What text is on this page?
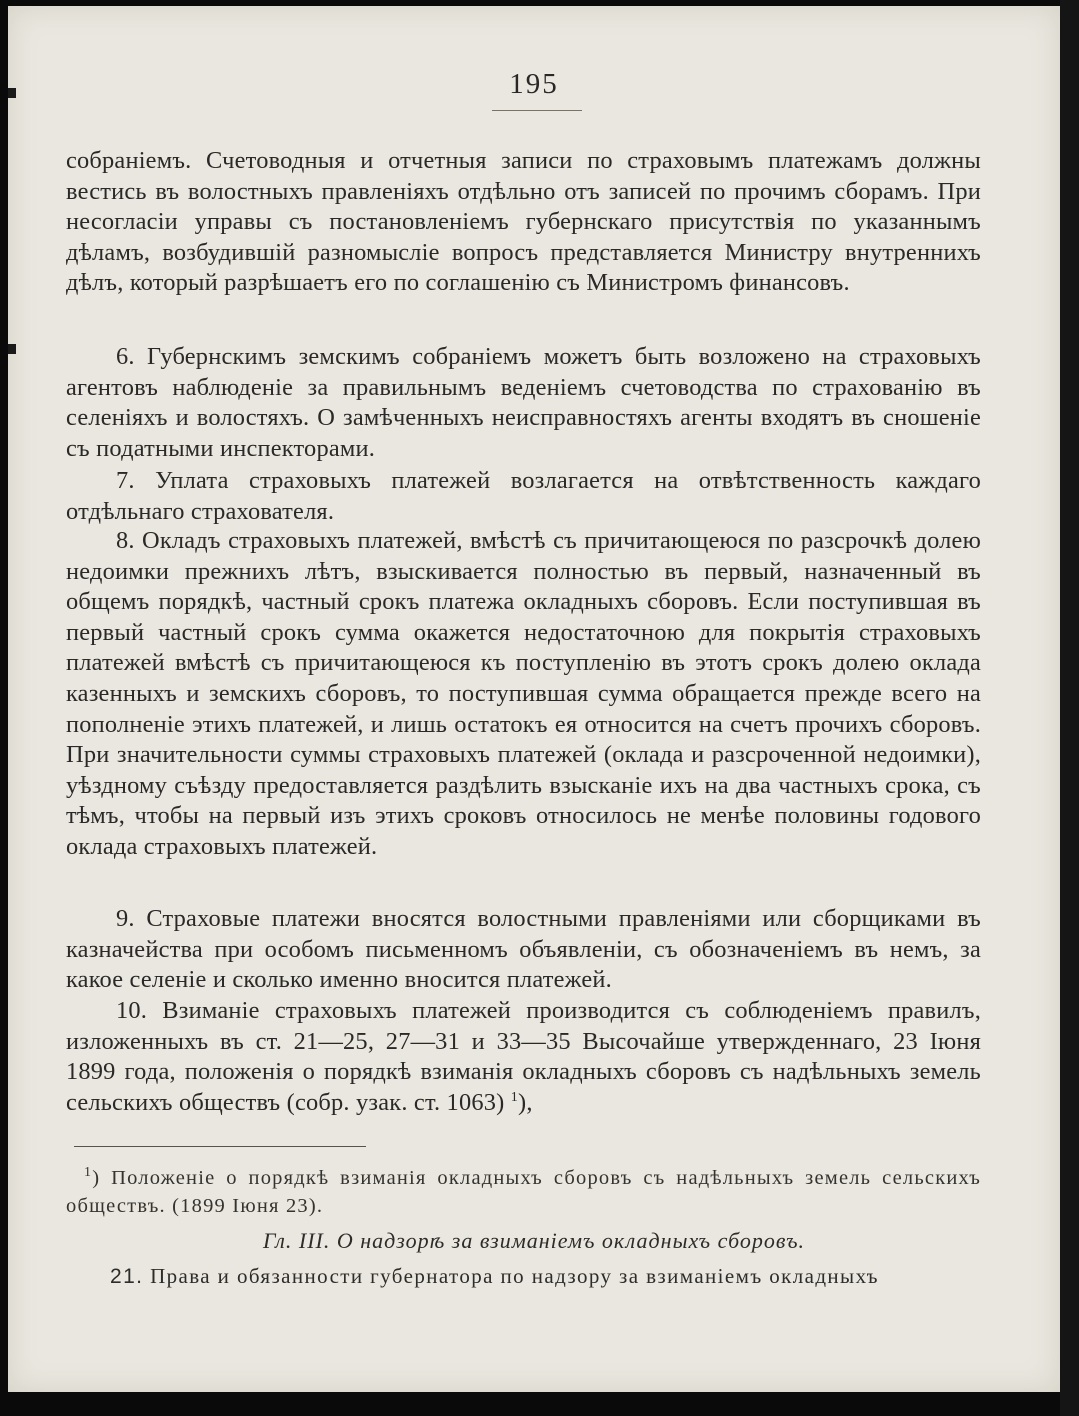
195

собраніемъ. Счетоводныя и отчетныя записи по страховымъ платежамъ должны вестись въ волостныхъ правленіяхъ отдѣльно отъ записей по прочимъ сборамъ. При несогласіи управы съ постановленіемъ губернскаго присутствія по указаннымъ дѣламъ, возбудившій разномысліе вопросъ представляется Министру внутреннихъ дѣлъ, который разрѣшаетъ его по соглашенію съ Министромъ финансовъ.

6. Губернскимъ земскимъ собраніемъ можетъ быть возложено на страховыхъ агентовъ наблюденіе за правильнымъ веденіемъ счетоводства по страхованію въ селеніяхъ и волостяхъ. О замѣченныхъ неисправностяхъ агенты входятъ въ сношеніе съ податными инспекторами.

7. Уплата страховыхъ платежей возлагается на отвѣтственность каждаго отдѣльнаго страхователя.

8. Окладъ страховыхъ платежей, вмѣстѣ съ причитающеюся по разсрочкѣ долею недоимки прежнихъ лѣтъ, взыскивается полностью въ первый, назначенный въ общемъ порядкѣ, частный срокъ платежа окладныхъ сборовъ. Если поступившая въ первый частный срокъ сумма окажется недостаточною для покрытія страховыхъ платежей вмѣстѣ съ причитающеюся къ поступленію въ этотъ срокъ долею оклада казенныхъ и земскихъ сборовъ, то поступившая сумма обращается прежде всего на пополненіе этихъ платежей, и лишь остатокъ ея относится на счетъ прочихъ сборовъ. При значительности суммы страховыхъ платежей (оклада и разсроченной недоимки), уѣздному съѣзду предоставляется раздѣлить взысканіе ихъ на два частныхъ срока, съ тѣмъ, чтобы на первый изъ этихъ сроковъ относилось не менѣе половины годового оклада страховыхъ платежей.

9. Страховые платежи вносятся волостными правленіями или сборщиками въ казначейства при особомъ письменномъ объявленіи, съ обозначеніемъ въ немъ, за какое селеніе и сколько именно вносится платежей.

10. Взиманіе страховыхъ платежей производится съ соблюденіемъ правилъ, изложенныхъ въ ст. 21—25, 27—31 и 33—35 Высочайше утвержденнаго, 23 Іюня 1899 года, положенія о порядкѣ взиманія окладныхъ сборовъ съ надѣльныхъ земель сельскихъ обществъ (собр. узак. ст. 1063) $^1$),

$^1$) Положеніе о порядкѣ взиманія окладныхъ сборовъ съ надѣльныхъ земель сельскихъ обществъ. (1899 Іюня 23).

Гл. III. О надзорѣ за взиманіемъ окладныхъ сборовъ.
21. Права и обязанности губернатора по надзору за взиманіемъ окладныхъ
